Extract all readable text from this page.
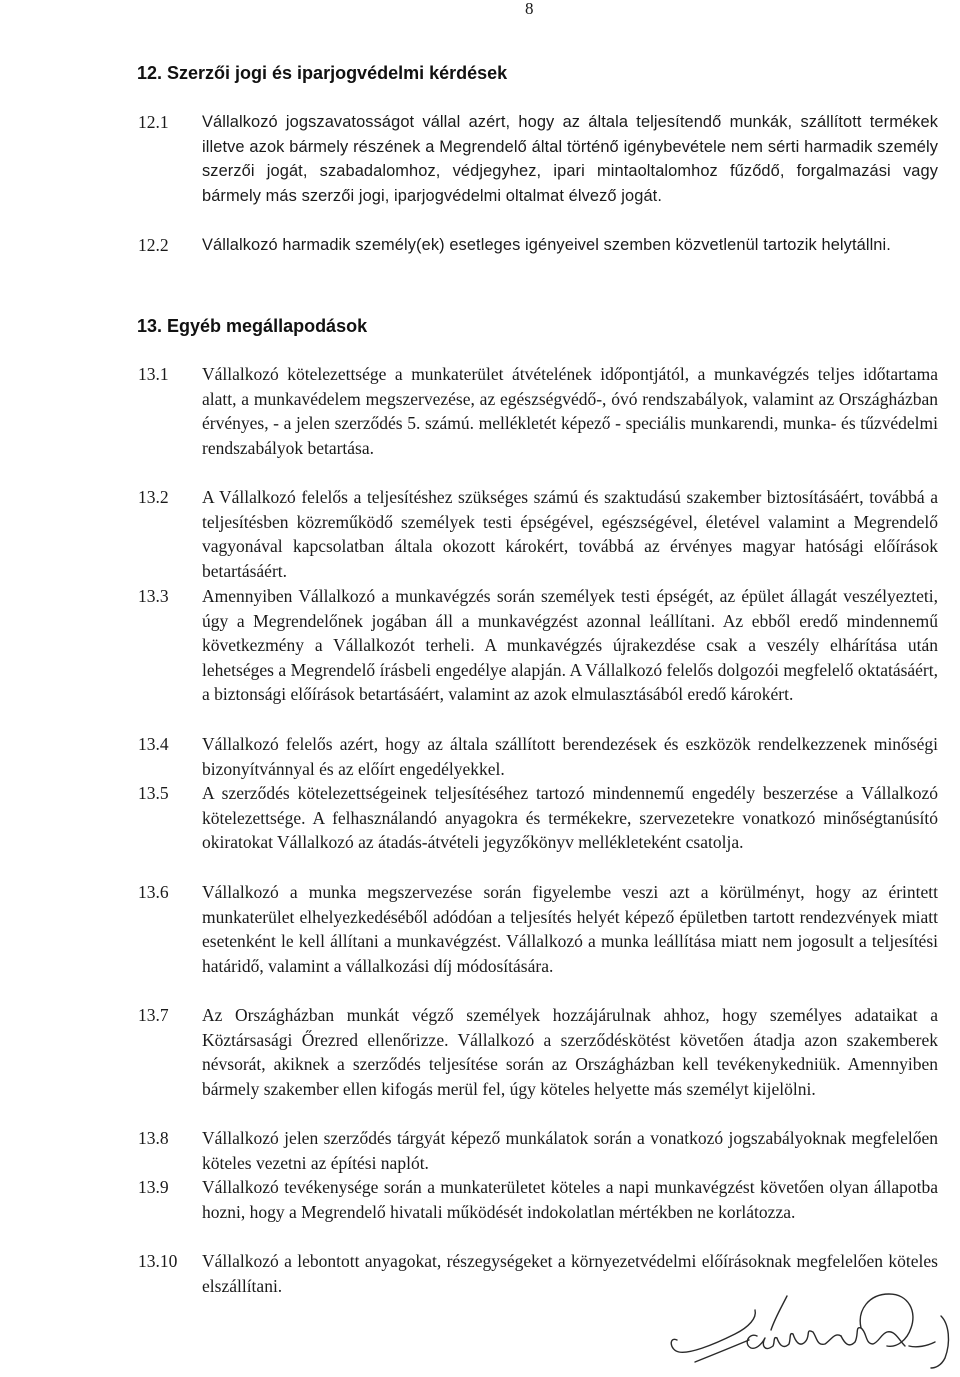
8
12. Szerzői jogi és iparjogvédelmi kérdések
12.1	Vállalkozó jogszavatosságot vállal azért, hogy az általa teljesítendő munkák, szállított termékek illetve azok bármely részének a Megrendelő által történő igénybevétele nem sérti harmadik személy szerzői jogát, szabadalomhoz, védjegyhez, ipari mintaoltalomhoz fűződő, forgalmazási vagy bármely más szerzői jogi, iparjogvédelmi oltalmat élvező jogát.
12.2	Vállalkozó harmadik személy(ek) esetleges igényeivel szemben közvetlenül tartozik helytállni.
13. Egyéb megállapodások
13.1	Vállalkozó kötelezettsége a munkaterület átvételének időpontjától, a munkavégzés teljes időtartama alatt, a munkavédelem megszervezése, az egészségvédő-, óvó rendszabályok, valamint az Országházban érvényes, - a jelen szerződés 5. számú. mellékletét képező - speciális munkarendi, munka- és tűzvédelmi rendszabályok betartása.
13.2	A Vállalkozó felelős a teljesítéshez szükséges számú és szaktudású szakember biztosításáért, továbbá a teljesítésben közreműködő személyek testi épségével, egészségével, életével valamint a Megrendelő vagyonával kapcsolatban általa okozott károkért, továbbá az érvényes magyar hatósági előírások betartásáért.
13.3	Amennyiben Vállalkozó a munkavégzés során személyek testi épségét, az épület állagát veszélyezteti, úgy a Megrendelőnek jogában áll a munkavégzést azonnal leállítani. Az ebből eredő mindennemű következmény a Vállalkozót terheli. A munkavégzés újrakezdése csak a veszély elhárítása után lehetséges a Megrendelő írásbeli engedélye alapján. A Vállalkozó felelős dolgozói megfelelő oktatásáért, a biztonsági előírások betartásáért, valamint az azok elmulasztásából eredő károkért.
13.4	Vállalkozó felelős azért, hogy az általa szállított berendezések és eszközök rendelkezzenek minőségi bizonyítvánnyal és az előírt engedélyekkel.
13.5	A szerződés kötelezettségeinek teljesítéséhez tartozó mindennemű engedély beszerzése a Vállalkozó kötelezettsége. A felhasználandó anyagokra és termékekre, szervezetekre vonatkozó minőségtanúsító okiratokat Vállalkozó az átadás-átvételi jegyzőkönyv mellékleteként csatolja.
13.6	Vállalkozó a munka megszervezése során figyelembe veszi azt a körülményt, hogy az érintett munkaterület elhelyezkedéséből adódóan a teljesítés helyét képező épületben tartott rendezvények miatt esetenként le kell állítani a munkavégzést. Vállalkozó a munka leállítása miatt nem jogosult a teljesítési határidő, valamint a vállalkozási díj módosítására.
13.7	Az Országházban munkát végző személyek hozzájárulnak ahhoz, hogy személyes adataikat a Köztársasági Őrezred ellenőrizze. Vállalkozó a szerződéskötést követően átadja azon szakemberek névsorát, akiknek a szerződés teljesítése során az Országházban kell tevékenykedniük. Amennyiben bármely szakember ellen kifogás merül fel, úgy köteles helyette más személyt kijelölni.
13.8	Vállalkozó jelen szerződés tárgyát képező munkálatok során a vonatkozó jogszabályoknak megfelelően köteles vezetni az építési naplót.
13.9	Vállalkozó tevékenysége során a munkaterületet köteles a napi munkavégzést követően olyan állapotba hozni, hogy a Megrendelő hivatali működését indokolatlan mértékben ne korlátozza.
13.10	Vállalkozó a lebontott anyagokat, részegységeket a környezetvédelmi előírásoknak megfelelően köteles elszállítani.
